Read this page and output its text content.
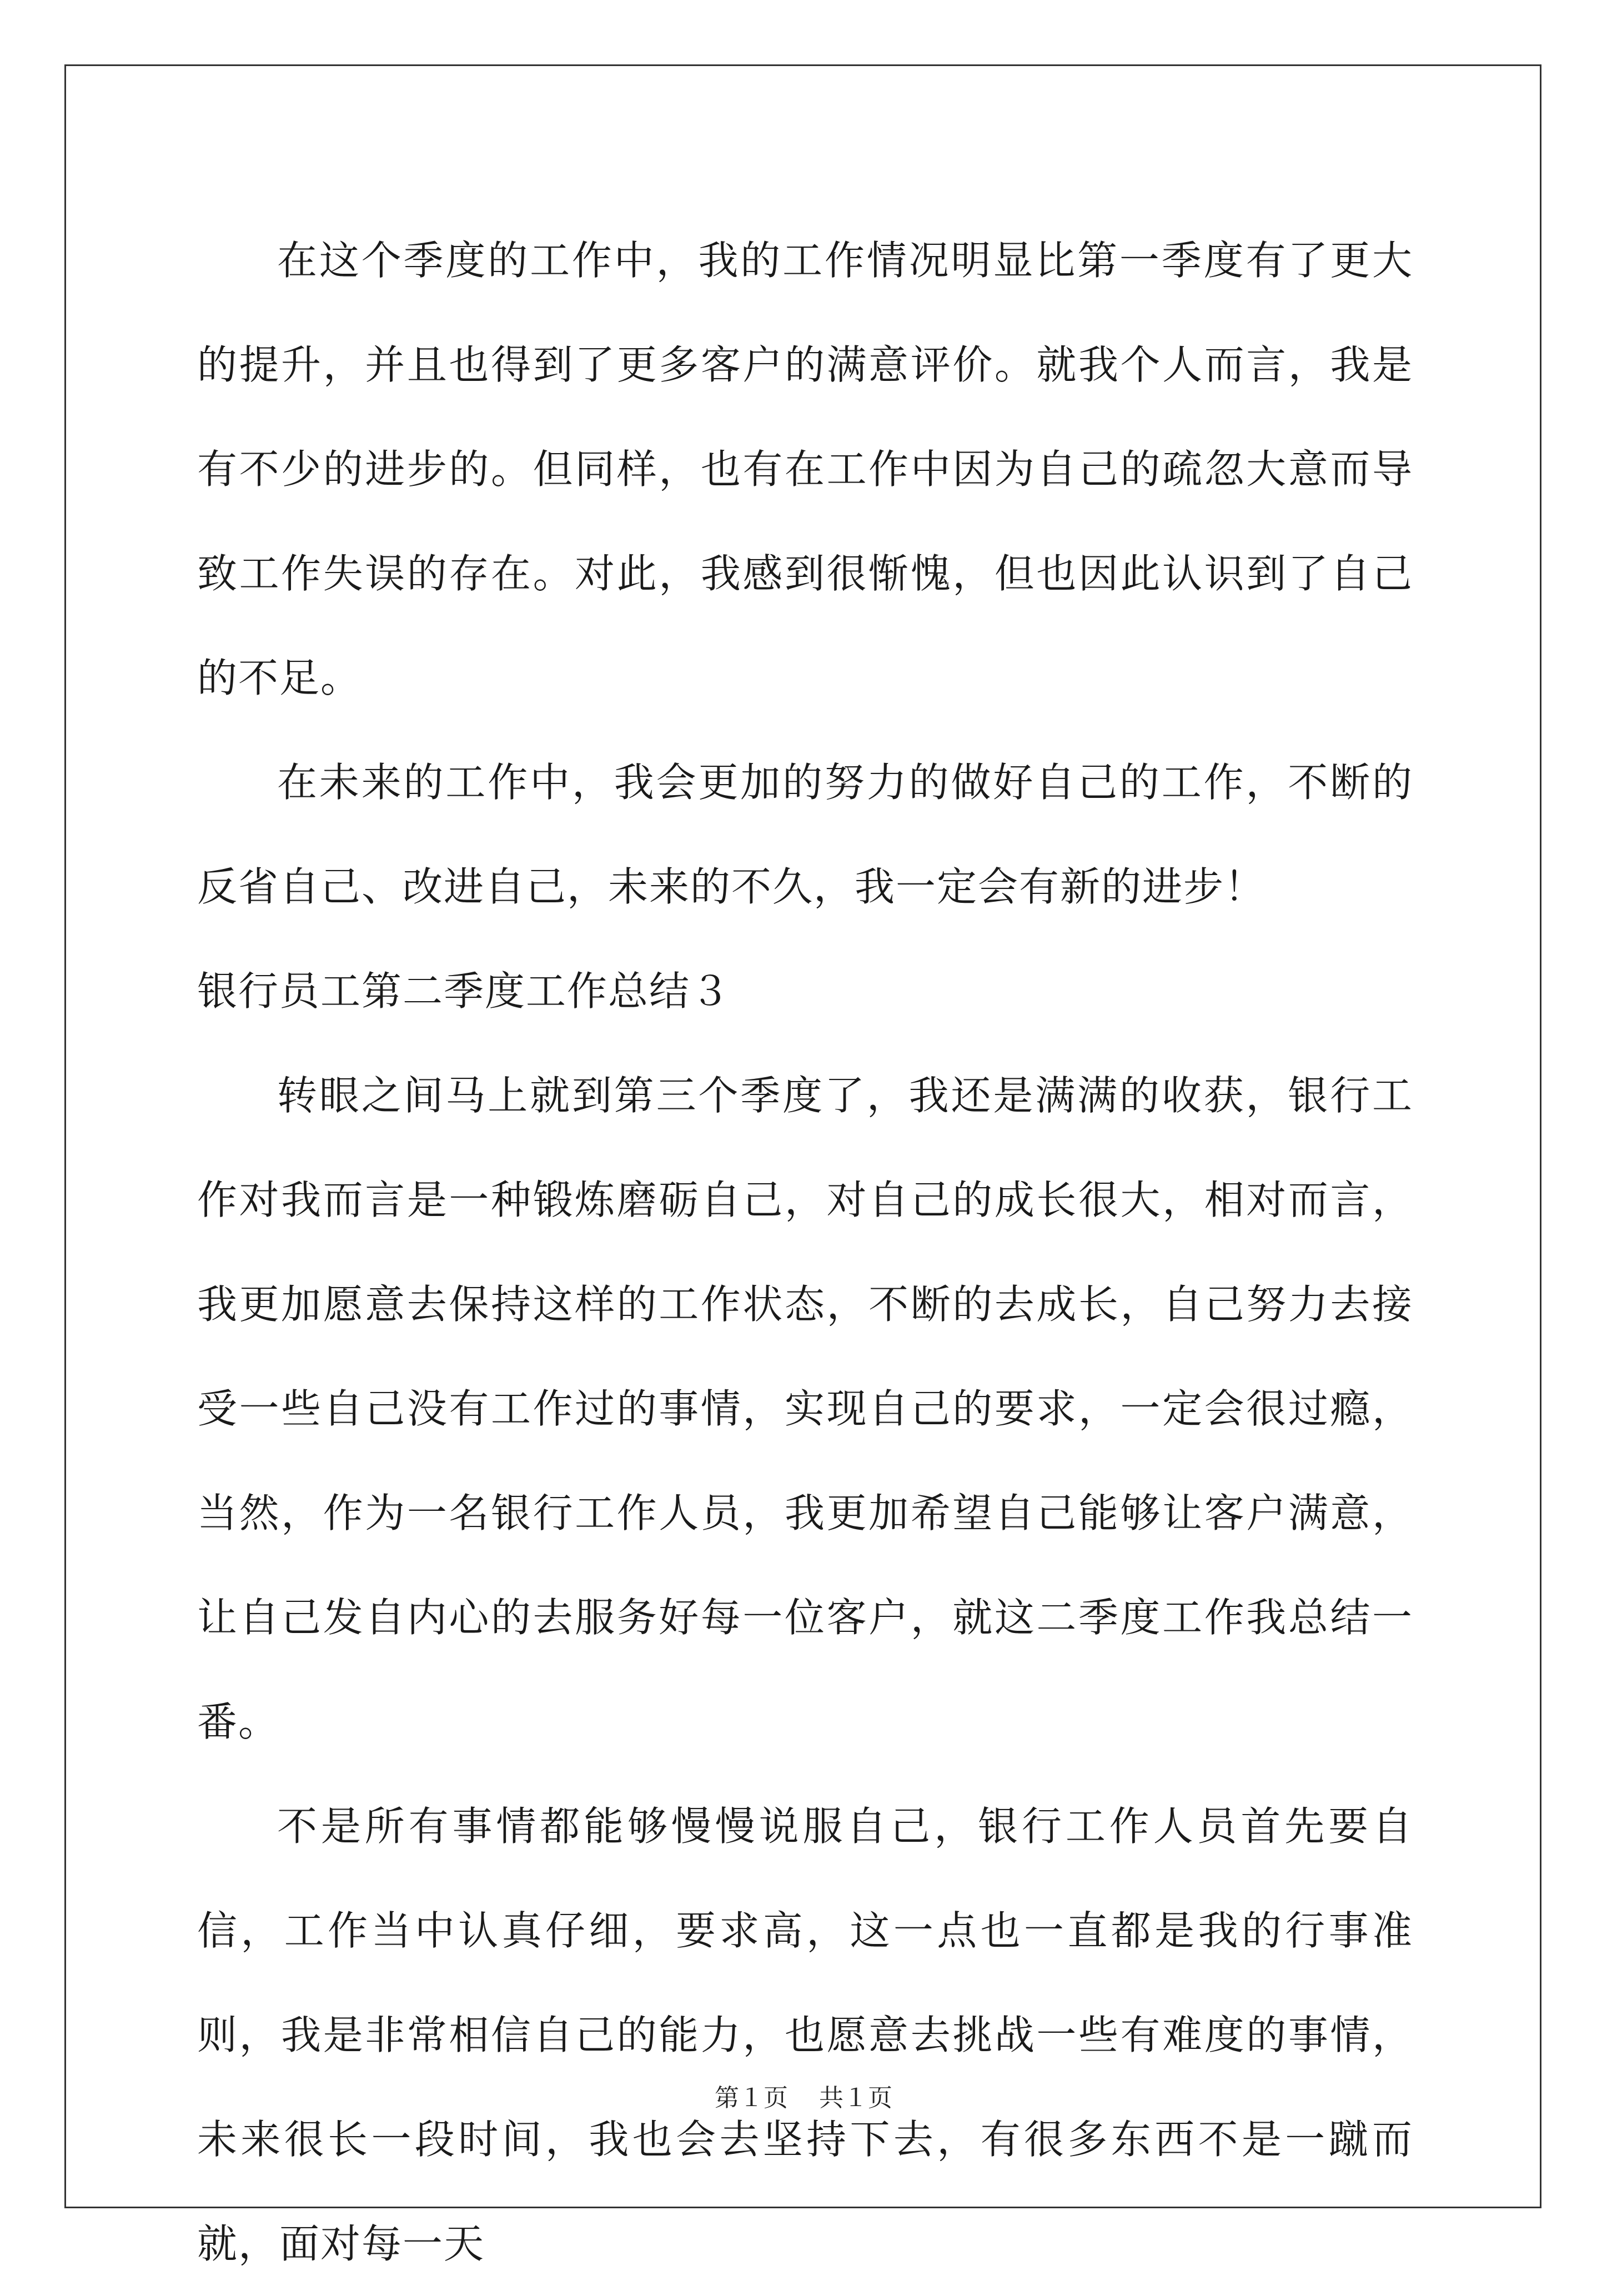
在这个季度的工作中，我的工作情况明显比第一季度有了更大的提升，并且也得到了更多客户的满意评价。就我个人而言，我是有不少的进步的。但同样，也有在工作中因为自己的疏忽大意而导致工作失误的存在。对此，我感到很惭愧，但也因此认识到了自己的不足。

在未来的工作中，我会更加的努力的做好自己的工作，不断的反省自己、改进自己，未来的不久，我一定会有新的进步！

银行员工第二季度工作总结３

转眼之间马上就到第三个季度了，我还是满满的收获，银行工作对我而言是一种锻炼磨砺自己，对自己的成长很大，相对而言，我更加愿意去保持这样的工作状态，不断的去成长，自己努力去接受一些自己没有工作过的事情，实现自己的要求，一定会很过瘾，当然，作为一名银行工作人员，我更加希望自己能够让客户满意，让自己发自内心的去服务好每一位客户，就这二季度工作我总结一番。

不是所有事情都能够慢慢说服自己，银行工作人员首先要自信，工作当中认真仔细，要求高，这一点也一直都是我的行事准则，我是非常相信自己的能力，也愿意去挑战一些有难度的事情，未来很长一段时间，我也会去坚持下去，有很多东西不是一蹴而就，面对每一天

第１页 共１页
